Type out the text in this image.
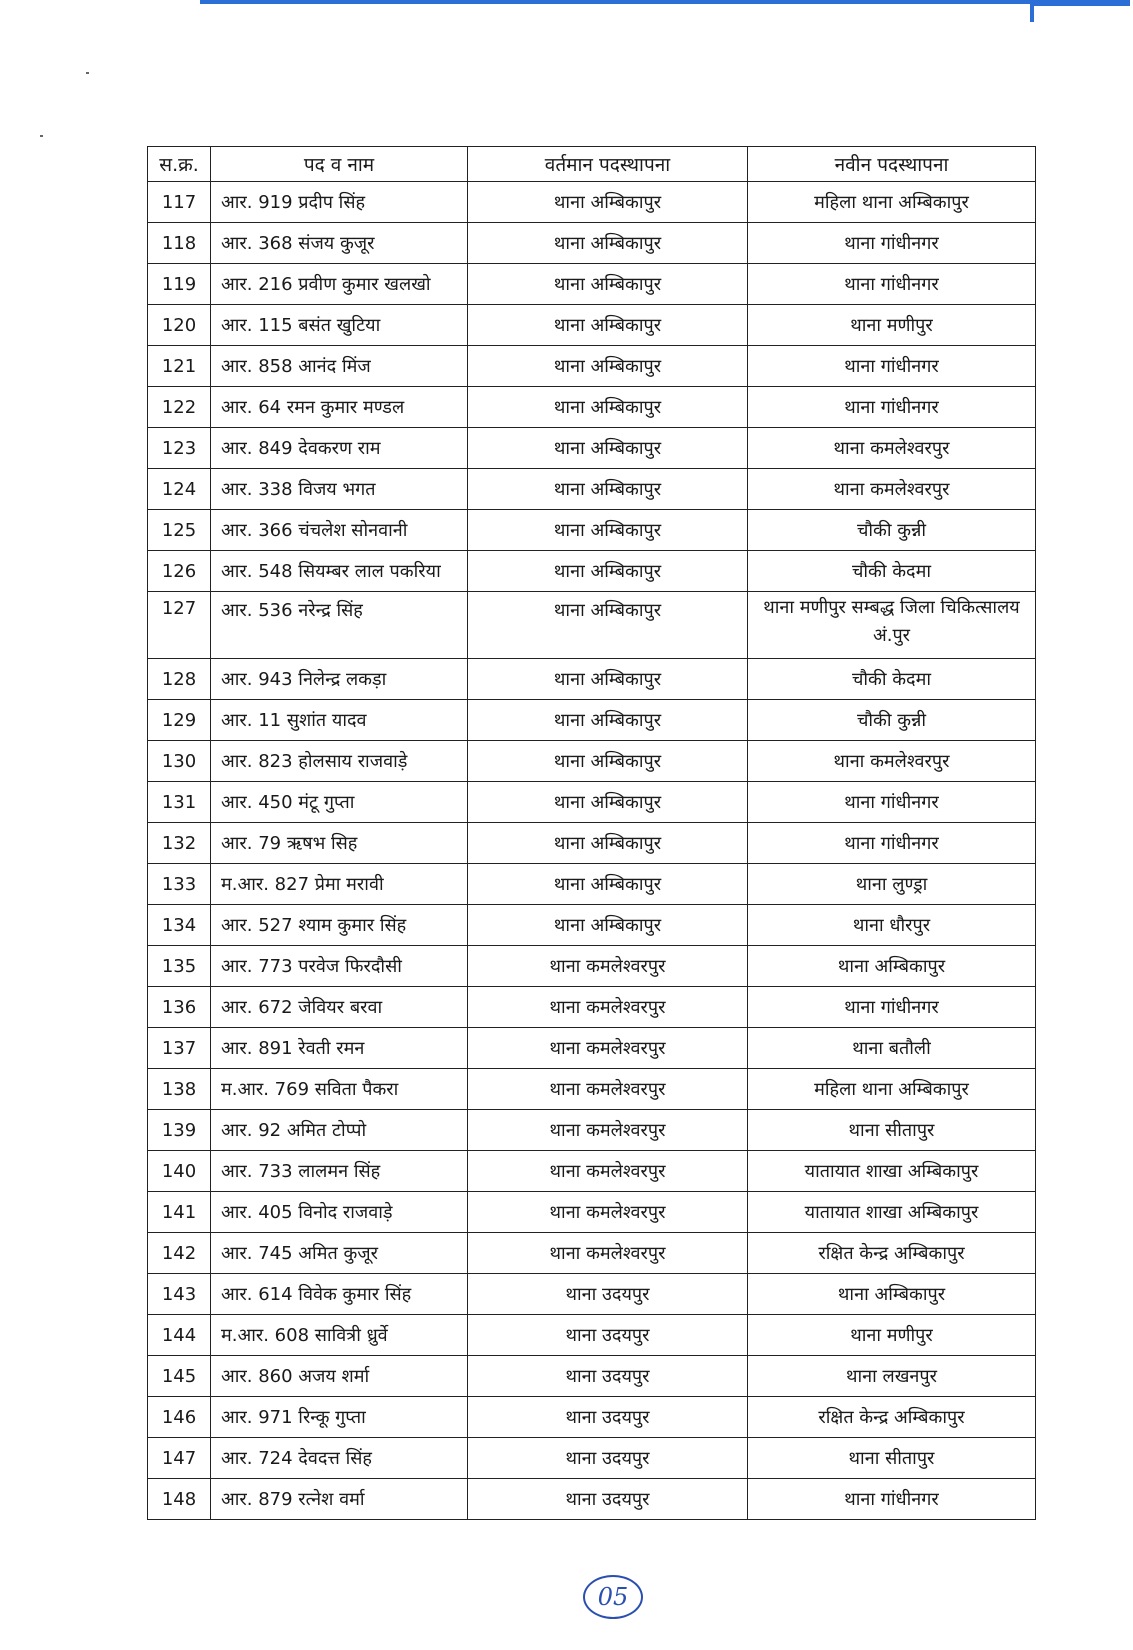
स.क्र.	पद व नाम	वर्तमान पदस्थापना	नवीन पदस्थापना
117	आर. 919 प्रदीप सिंह	थाना अम्बिकापुर	महिला थाना अम्बिकापुर
118	आर. 368 संजय कुजूर	थाना अम्बिकापुर	थाना गांधीनगर
119	आर. 216 प्रवीण कुमार खलखो	थाना अम्बिकापुर	थाना गांधीनगर
120	आर. 115 बसंत खुटिया	थाना अम्बिकापुर	थाना मणीपुर
121	आर. 858 आनंद मिंज	थाना अम्बिकापुर	थाना गांधीनगर
122	आर. 64 रमन कुमार मण्डल	थाना अम्बिकापुर	थाना गांधीनगर
123	आर. 849 देवकरण राम	थाना अम्बिकापुर	थाना कमलेश्वरपुर
124	आर. 338 विजय भगत	थाना अम्बिकापुर	थाना कमलेश्वरपुर
125	आर. 366 चंचलेश सोनवानी	थाना अम्बिकापुर	चौकी कुन्नी
126	आर. 548 सियम्बर लाल पकरिया	थाना अम्बिकापुर	चौकी केदमा
127	आर. 536 नरेन्द्र सिंह	थाना अम्बिकापुर	थाना मणीपुर सम्बद्ध जिला चिकित्सालय अं.पुर
128	आर. 943 निलेन्द्र लकड़ा	थाना अम्बिकापुर	चौकी केदमा
129	आर. 11 सुशांत यादव	थाना अम्बिकापुर	चौकी कुन्नी
130	आर. 823 होलसाय राजवाड़े	थाना अम्बिकापुर	थाना कमलेश्वरपुर
131	आर. 450 मंटू गुप्ता	थाना अम्बिकापुर	थाना गांधीनगर
132	आर. 79 ऋषभ सिह	थाना अम्बिकापुर	थाना गांधीनगर
133	म.आर. 827 प्रेमा मरावी	थाना अम्बिकापुर	थाना लुण्ड्रा
134	आर. 527 श्याम कुमार सिंह	थाना अम्बिकापुर	थाना धौरपुर
135	आर. 773 परवेज फिरदौसी	थाना कमलेश्वरपुर	थाना अम्बिकापुर
136	आर. 672 जेवियर बरवा	थाना कमलेश्वरपुर	थाना गांधीनगर
137	आर. 891 रेवती रमन	थाना कमलेश्वरपुर	थाना बतौली
138	म.आर. 769 सविता पैकरा	थाना कमलेश्वरपुर	महिला थाना अम्बिकापुर
139	आर. 92 अमित टोप्पो	थाना कमलेश्वरपुर	थाना सीतापुर
140	आर. 733 लालमन सिंह	थाना कमलेश्वरपुर	यातायात शाखा अम्बिकापुर
141	आर. 405 विनोद राजवाड़े	थाना कमलेश्वरपुर	यातायात शाखा अम्बिकापुर
142	आर. 745 अमित कुजूर	थाना कमलेश्वरपुर	रक्षित केन्द्र अम्बिकापुर
143	आर. 614 विवेक कुमार सिंह	थाना उदयपुर	थाना अम्बिकापुर
144	म.आर. 608 सावित्री ध्रुर्वे	थाना उदयपुर	थाना मणीपुर
145	आर. 860 अजय शर्मा	थाना उदयपुर	थाना लखनपुर
146	आर. 971 रिन्कू गुप्ता	थाना उदयपुर	रक्षित केन्द्र अम्बिकापुर
147	आर. 724 देवदत्त सिंह	थाना उदयपुर	थाना सीतापुर
148	आर. 879 रत्नेश वर्मा	थाना उदयपुर	थाना गांधीनगर
05
